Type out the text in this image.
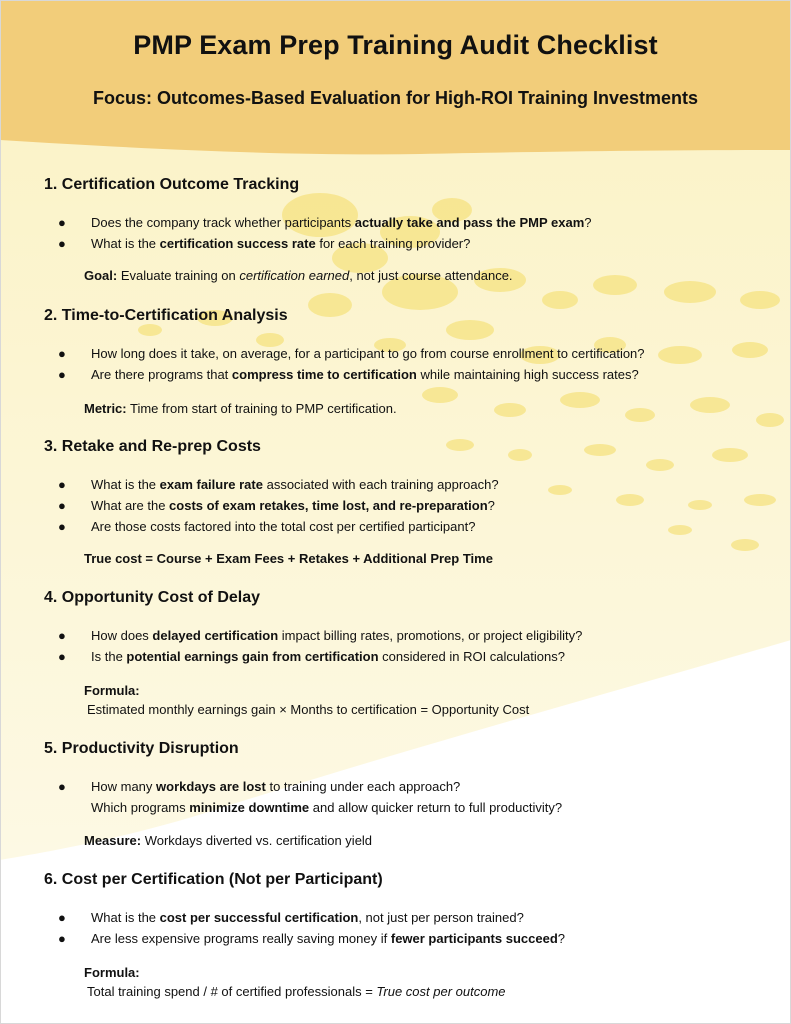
PMP Exam Prep Training Audit Checklist
Focus: Outcomes-Based Evaluation for High-ROI Training Investments
1. Certification Outcome Tracking
● Does the company track whether participants actually take and pass the PMP exam?
● What is the certification success rate for each training provider?
Goal: Evaluate training on certification earned, not just course attendance.
2. Time-to-Certification Analysis
● How long does it take, on average, for a participant to go from course enrollment to certification?
● Are there programs that compress time to certification while maintaining high success rates?
Metric: Time from start of training to PMP certification.
3. Retake and Re-prep Costs
● What is the exam failure rate associated with each training approach?
● What are the costs of exam retakes, time lost, and re-preparation?
● Are those costs factored into the total cost per certified participant?
True cost = Course + Exam Fees + Retakes + Additional Prep Time
4. Opportunity Cost of Delay
● How does delayed certification impact billing rates, promotions, or project eligibility?
● Is the potential earnings gain from certification considered in ROI calculations?
Formula:
Estimated monthly earnings gain × Months to certification = Opportunity Cost
5. Productivity Disruption
● How many workdays are lost to training under each approach?
Which programs minimize downtime and allow quicker return to full productivity?
Measure: Workdays diverted vs. certification yield
6. Cost per Certification (Not per Participant)
● What is the cost per successful certification, not just per person trained?
● Are less expensive programs really saving money if fewer participants succeed?
Formula:
Total training spend / # of certified professionals = True cost per outcome
